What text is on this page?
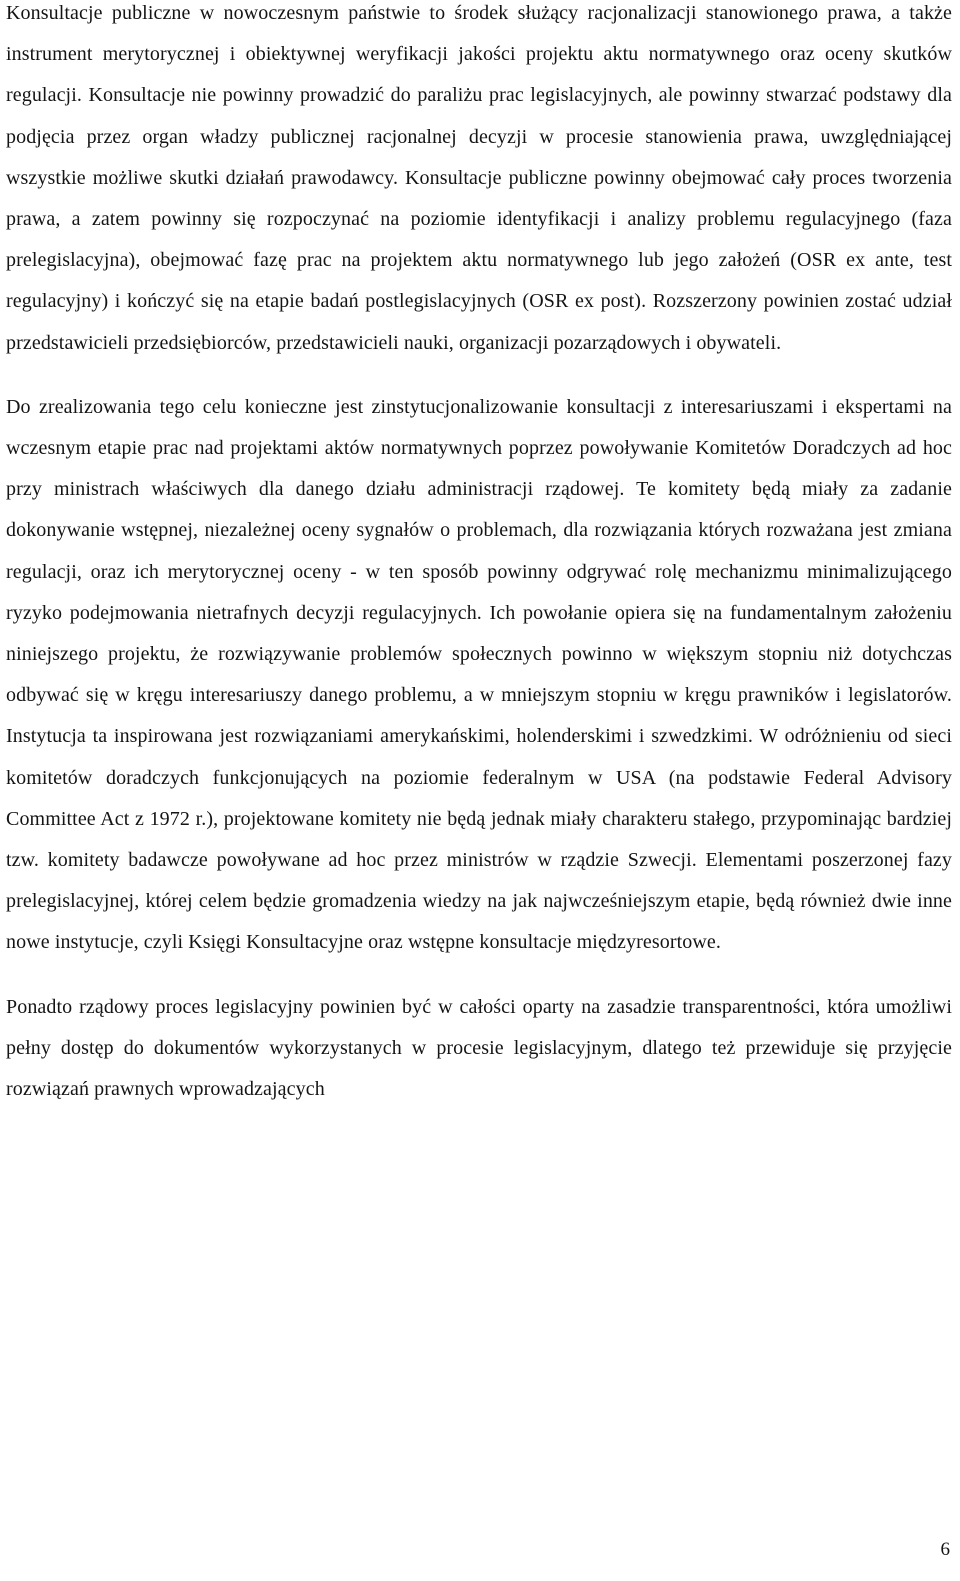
Konsultacje publiczne w nowoczesnym państwie to środek służący racjonalizacji stanowionego prawa, a także instrument merytorycznej i obiektywnej weryfikacji jakości projektu aktu normatywnego oraz oceny skutków regulacji. Konsultacje nie powinny prowadzić do paraliżu prac legislacyjnych, ale powinny stwarzać podstawy dla podjęcia przez organ władzy publicznej racjonalnej decyzji w procesie stanowienia prawa, uwzględniającej wszystkie możliwe skutki działań prawodawcy. Konsultacje publiczne powinny obejmować cały proces tworzenia prawa, a zatem powinny się rozpoczynać na poziomie identyfikacji i analizy problemu regulacyjnego (faza prelegislacyjna), obejmować fazę prac na projektem aktu normatywnego lub jego założeń (OSR ex ante, test regulacyjny) i kończyć się na etapie badań postlegislacyjnych (OSR ex post). Rozszerzony powinien zostać udział przedstawicieli przedsiębiorców, przedstawicieli nauki, organizacji pozarządowych i obywateli.

Do zrealizowania tego celu konieczne jest zinstytucjonalizowanie konsultacji z interesariuszami i ekspertami na wczesnym etapie prac nad projektami aktów normatywnych poprzez powoływanie Komitetów Doradczych ad hoc przy ministrach właściwych dla danego działu administracji rządowej. Te komitety będą miały za zadanie dokonywanie wstępnej, niezależnej oceny sygnałów o problemach, dla rozwiązania których rozważana jest zmiana regulacji, oraz ich merytorycznej oceny - w ten sposób powinny odgrywać rolę mechanizmu minimalizującego ryzyko podejmowania nietrafnych decyzji regulacyjnych. Ich powołanie opiera się na fundamentalnym założeniu niniejszego projektu, że rozwiązywanie problemów społecznych powinno w większym stopniu niż dotychczas odbywać się w kręgu interesariuszy danego problemu, a w mniejszym stopniu w kręgu prawników i legislatorów. Instytucja ta inspirowana jest rozwiązaniami amerykańskimi, holenderskimi i szwedzkimi. W odróżnieniu od sieci komitetów doradczych funkcjonujących na poziomie federalnym w USA (na podstawie Federal Advisory Committee Act z 1972 r.), projektowane komitety nie będą jednak miały charakteru stałego, przypominając bardziej tzw. komitety badawcze powoływane ad hoc przez ministrów w rządzie Szwecji. Elementami poszerzonej fazy prelegislacyjnej, której celem będzie gromadzenia wiedzy na jak najwcześniejszym etapie, będą również dwie inne nowe instytucje, czyli Księgi Konsultacyjne oraz wstępne konsultacje międzyresortowe.

Ponadto rządowy proces legislacyjny powinien być w całości oparty na zasadzie transparentności, która umożliwi pełny dostęp do dokumentów wykorzystanych w procesie legislacyjnym, dlatego też przewiduje się przyjęcie rozwiązań prawnych wprowadzających

6
